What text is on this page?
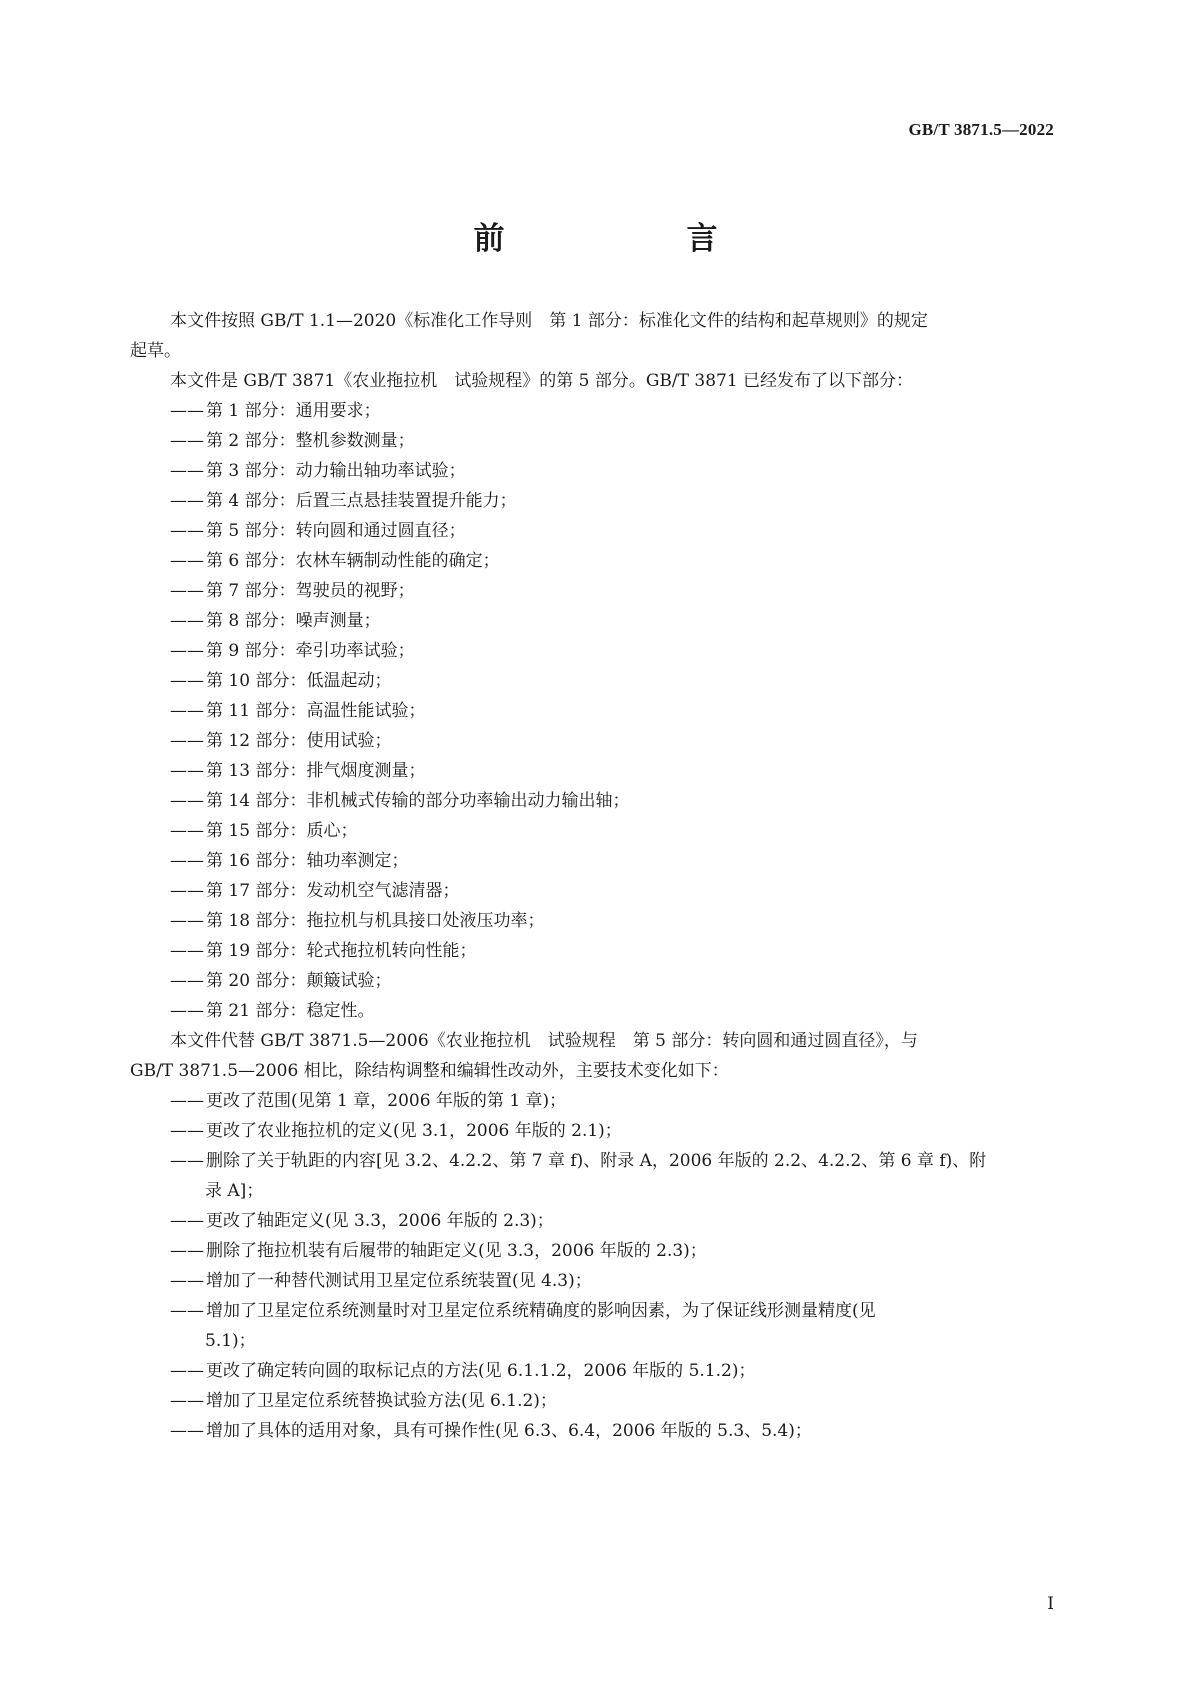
GB/T 3871.5—2022
前　　言

本文件按照 GB/T 1.1—2020《标准化工作导则　第 1 部分：标准化文件的结构和起草规则》的规定

起草。

本文件是 GB/T 3871《农业拖拉机　试验规程》的第 5 部分。GB/T 3871 已经发布了以下部分：

—— 第 1 部分：通用要求；

—— 第 2 部分：整机参数测量；

—— 第 3 部分：动力输出轴功率试验；

—— 第 4 部分：后置三点悬挂装置提升能力；

—— 第 5 部分：转向圆和通过圆直径；

—— 第 6 部分：农林车辆制动性能的确定；

—— 第 7 部分：驾驶员的视野；

—— 第 8 部分：噪声测量；

—— 第 9 部分：牵引功率试验；

—— 第 10 部分：低温起动；

—— 第 11 部分：高温性能试验；

—— 第 12 部分：使用试验；

—— 第 13 部分：排气烟度测量；

—— 第 14 部分：非机械式传输的部分功率输出动力输出轴；

—— 第 15 部分：质心；

—— 第 16 部分：轴功率测定；

—— 第 17 部分：发动机空气滤清器；

—— 第 18 部分：拖拉机与机具接口处液压功率；

—— 第 19 部分：轮式拖拉机转向性能；

—— 第 20 部分：颠簸试验；

—— 第 21 部分：稳定性。

本文件代替 GB/T 3871.5—2006《农业拖拉机　试验规程　第 5 部分：转向圆和通过圆直径》，与

GB/T 3871.5—2006 相比，除结构调整和编辑性改动外，主要技术变化如下：

—— 更改了范围(见第 1 章，2006 年版的第 1 章)；

—— 更改了农业拖拉机的定义(见 3.1，2006 年版的 2.1)；

—— 删除了关于轨距的内容[见 3.2、4.2.2、第 7 章 f)、附录 A，2006 年版的 2.2、4.2.2、第 6 章 f)、附

录 A]；

—— 更改了轴距定义(见 3.3，2006 年版的 2.3)；

—— 删除了拖拉机装有后履带的轴距定义(见 3.3，2006 年版的 2.3)；

—— 增加了一种替代测试用卫星定位系统装置(见 4.3)；

—— 增加了卫星定位系统测量时对卫星定位系统精确度的影响因素，为了保证线形测量精度(见

5.1)；

—— 更改了确定转向圆的取标记点的方法(见 6.1.1.2，2006 年版的 5.1.2)；

—— 增加了卫星定位系统替换试验方法(见 6.1.2)；

—— 增加了具体的适用对象，具有可操作性(见 6.3、6.4，2006 年版的 5.3、5.4)；

I
